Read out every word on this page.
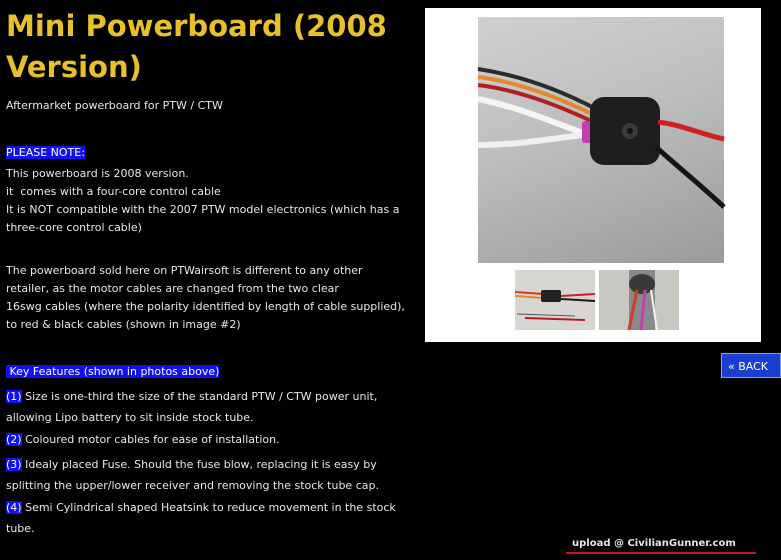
Mini Powerboard (2008 Version)

Aftermarket powerboard for PTW / CTW

PLEASE NOTE:

This powerboard is 2008 version.
it  comes with a four-core control cable
It is NOT compatible with the 2007 PTW model electronics (which has a
three-core control cable)
The powerboard sold here on PTWairsoft is different to any other
retailer, as the motor cables are changed from the two clear
16swg cables (where the polarity identified by length of cable supplied),
to red & black cables (shown in image #2)

Key Features (shown in photos above)

(1) Size is one-third the size of the standard PTW / CTW power unit,
allowing Lipo battery to sit inside stock tube.
(2) Coloured motor cables for ease of installation.
(3) Idealy placed Fuse. Should the fuse blow, replacing it is easy by
splitting the upper/lower receiver and removing the stock tube cap.
(4) Semi Cylindrical shaped Heatsink to reduce movement in the stock
tube.
« BACK
upload @ CivilianGunner.com
